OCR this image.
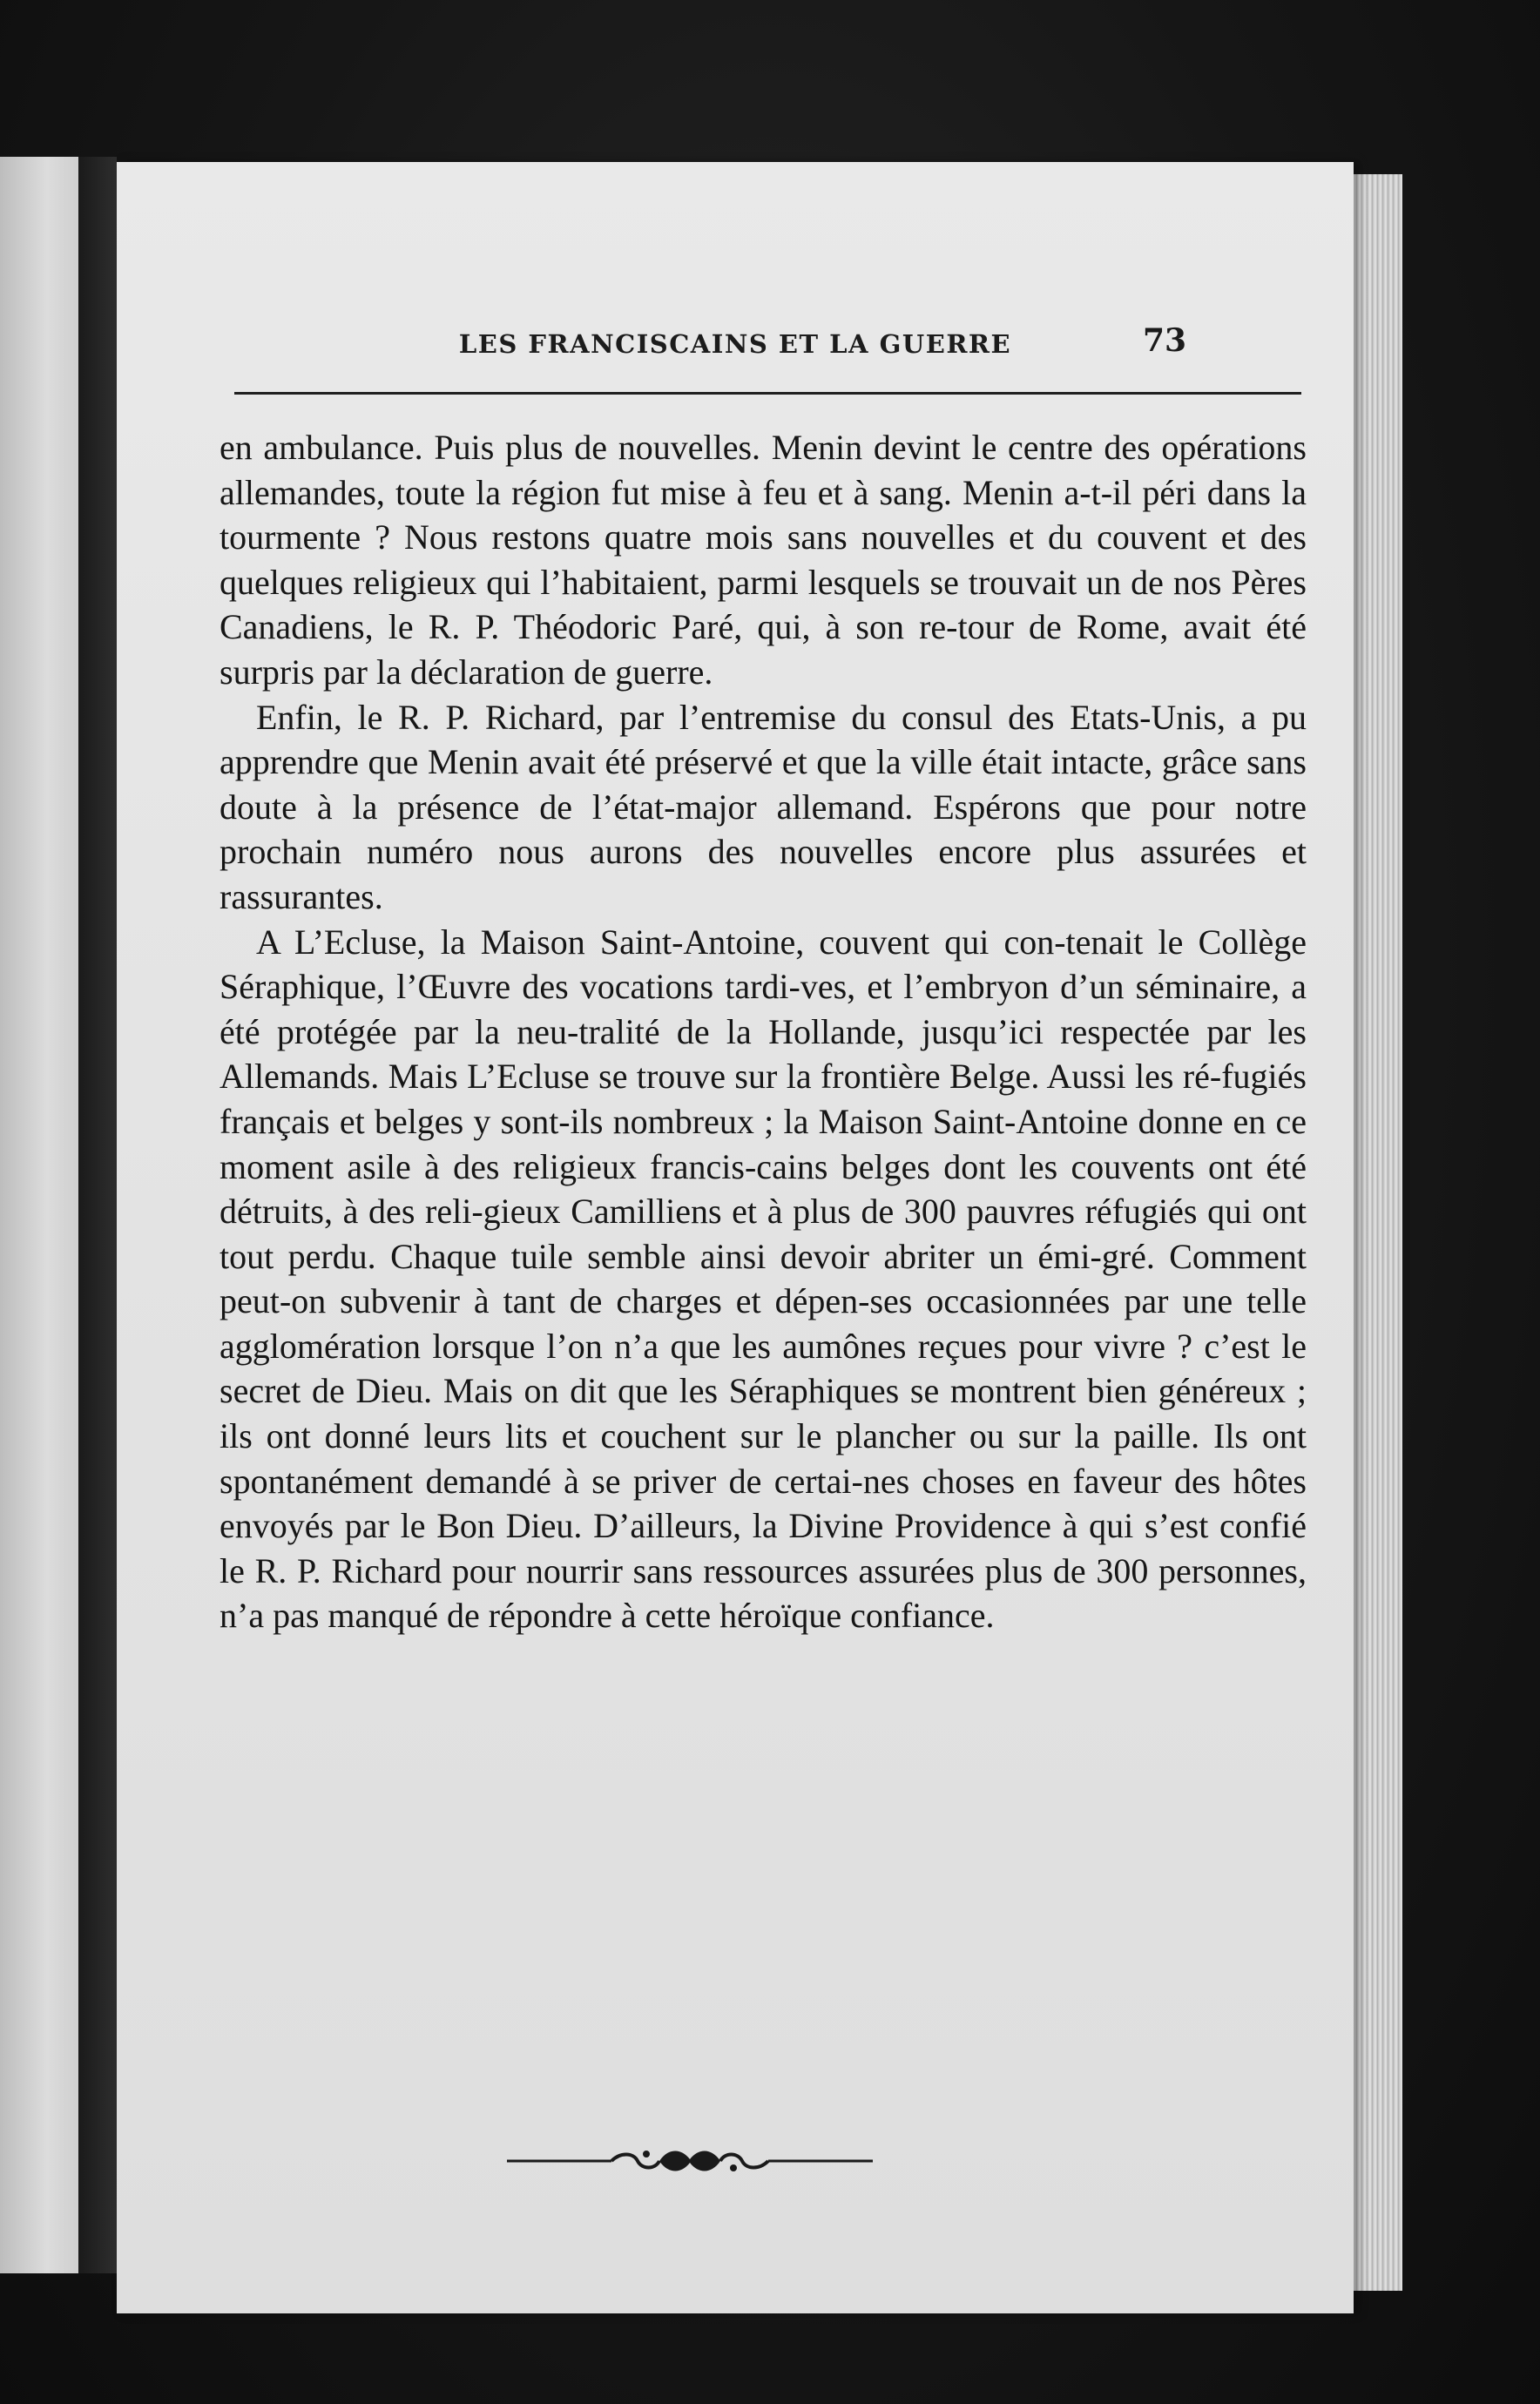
LES FRANCISCAINS ET LA GUERRE	73

en ambulance. Puis plus de nouvelles. Menin devint le centre des opérations allemandes, toute la région fut mise à feu et à sang. Menin a-t-il péri dans la tourmente ? Nous restons quatre mois sans nouvelles et du couvent et des quelques religieux qui l’habitaient, parmi lesquels se trouvait un de nos Pères Canadiens, le R. P. Théodoric Paré, qui, à son re-tour de Rome, avait été surpris par la déclaration de guerre.

Enfin, le R. P. Richard, par l’entremise du consul des Etats-Unis, a pu apprendre que Menin avait été préservé et que la ville était intacte, grâce sans doute à la présence de l’état-major allemand. Espérons que pour notre prochain numéro nous aurons des nouvelles encore plus assurées et rassurantes.

A L’Ecluse, la Maison Saint-Antoine, couvent qui con-tenait le Collège Séraphique, l’Œuvre des vocations tardi-ves, et l’embryon d’un séminaire, a été protégée par la neu-tralité de la Hollande, jusqu’ici respectée par les Allemands. Mais L’Ecluse se trouve sur la frontière Belge. Aussi les ré-fugiés français et belges y sont-ils nombreux ; la Maison Saint-Antoine donne en ce moment asile à des religieux francis-cains belges dont les couvents ont été détruits, à des reli-gieux Camilliens et à plus de 300 pauvres réfugiés qui ont tout perdu. Chaque tuile semble ainsi devoir abriter un émi-gré. Comment peut-on subvenir à tant de charges et dépen-ses occasionnées par une telle agglomération lorsque l’on n’a que les aumônes reçues pour vivre ? c’est le secret de Dieu. Mais on dit que les Séraphiques se montrent bien généreux ; ils ont donné leurs lits et couchent sur le plancher ou sur la paille. Ils ont spontanément demandé à se priver de certai-nes choses en faveur des hôtes envoyés par le Bon Dieu. D’ailleurs, la Divine Providence à qui s’est confié le R. P. Richard pour nourrir sans ressources assurées plus de 300 personnes, n’a pas manqué de répondre à cette héroïque confiance.
